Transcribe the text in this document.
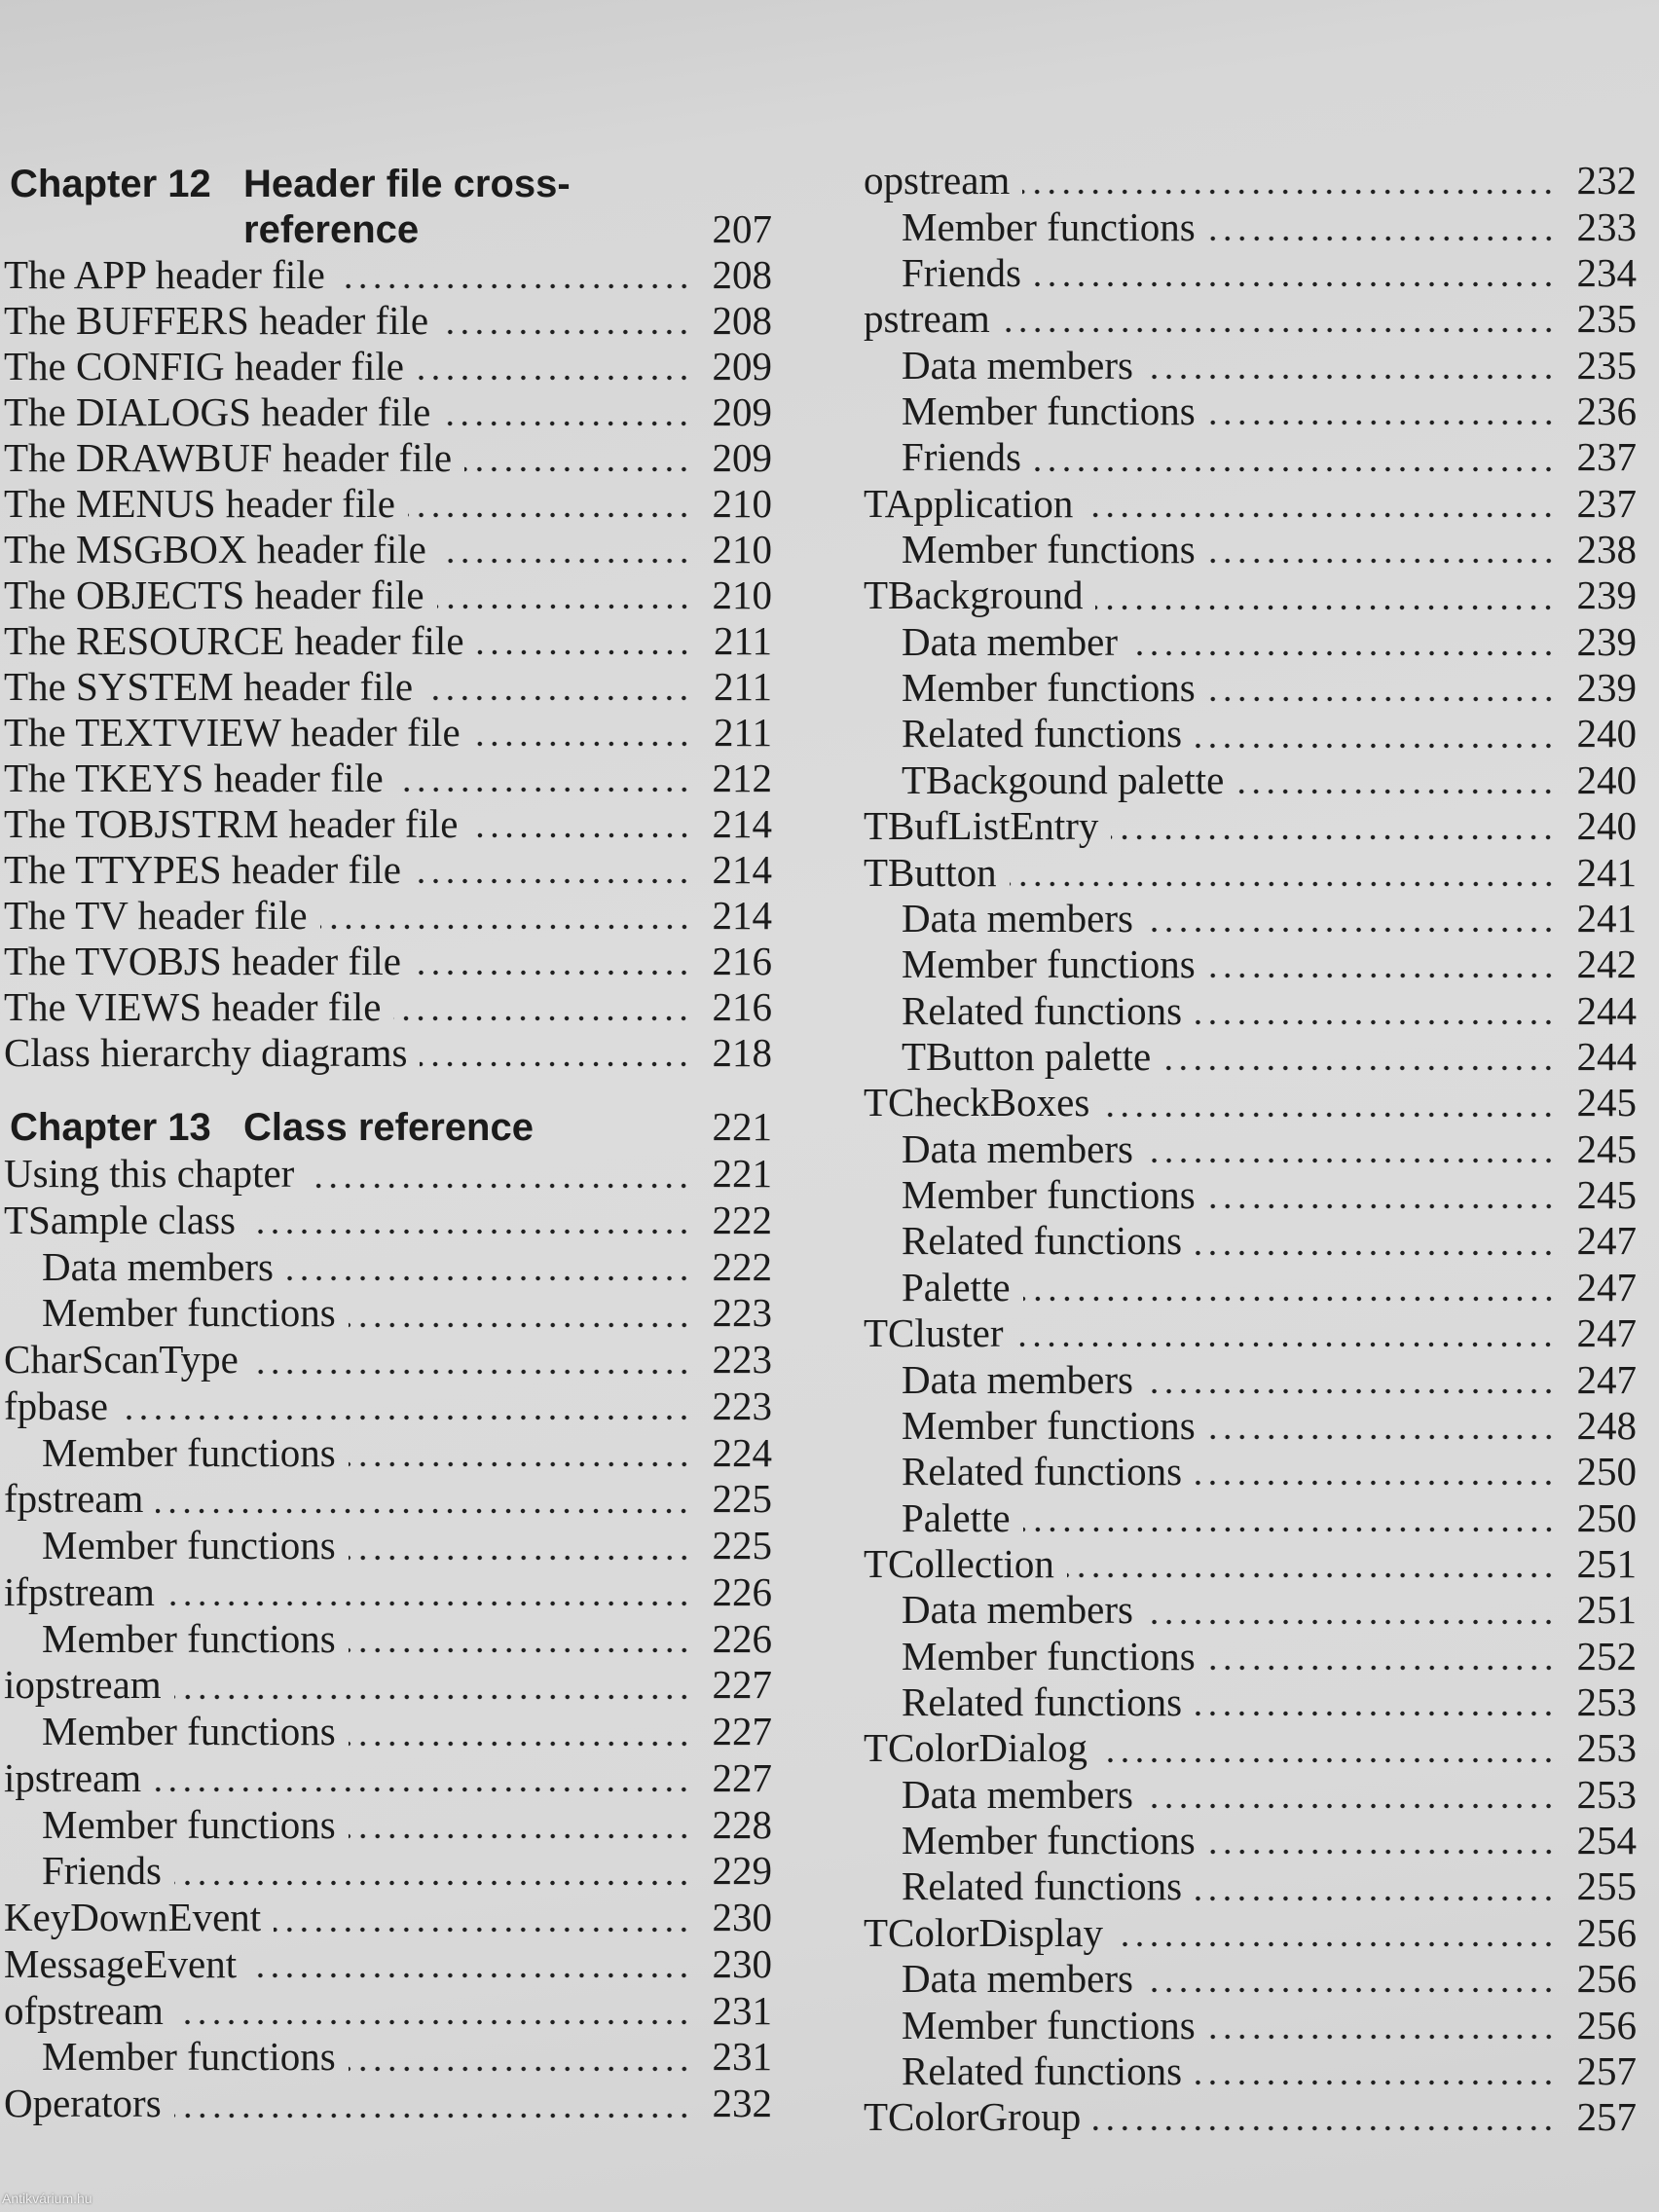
Chapter 12 Header file cross-
reference	207
The APP header file	208
The BUFFERS header file	208
The CONFIG header file	209
The DIALOGS header file	209
The DRAWBUF header file	209
The MENUS header file	210
The MSGBOX header file	210
The OBJECTS header file	210
The RESOURCE header file	211
The SYSTEM header file	211
The TEXTVIEW header file	211
The TKEYS header file	212
The TOBJSTRM header file	214
The TTYPES header file	214
The TV header file	214
The TVOBJS header file	216
The VIEWS header file	216
Class hierarchy diagrams	218
Chapter 13 Class reference	221
Using this chapter	221
TSample class	222
Data members	222
Member functions	223
CharScanType	223
fpbase	223
Member functions	224
fpstream	225
Member functions	225
ifpstream	226
Member functions	226
iopstream	227
Member functions	227
ipstream	227
Member functions	228
Friends	229
KeyDownEvent	230
MessageEvent	230
ofpstream	231
Member functions	231
Operators	232
opstream	232
Member functions	233
Friends	234
pstream	235
Data members	235
Member functions	236
Friends	237
TApplication	237
Member functions	238
TBackground	239
Data member	239
Member functions	239
Related functions	240
TBackgound palette	240
TBufListEntry	240
TButton	241
Data members	241
Member functions	242
Related functions	244
TButton palette	244
TCheckBoxes	245
Data members	245
Member functions	245
Related functions	247
Palette	247
TCluster	247
Data members	247
Member functions	248
Related functions	250
Palette	250
TCollection	251
Data members	251
Member functions	252
Related functions	253
TColorDialog	253
Data members	253
Member functions	254
Related functions	255
TColorDisplay	256
Data members	256
Member functions	256
Related functions	257
TColorGroup	257
Antikvárium.hu
